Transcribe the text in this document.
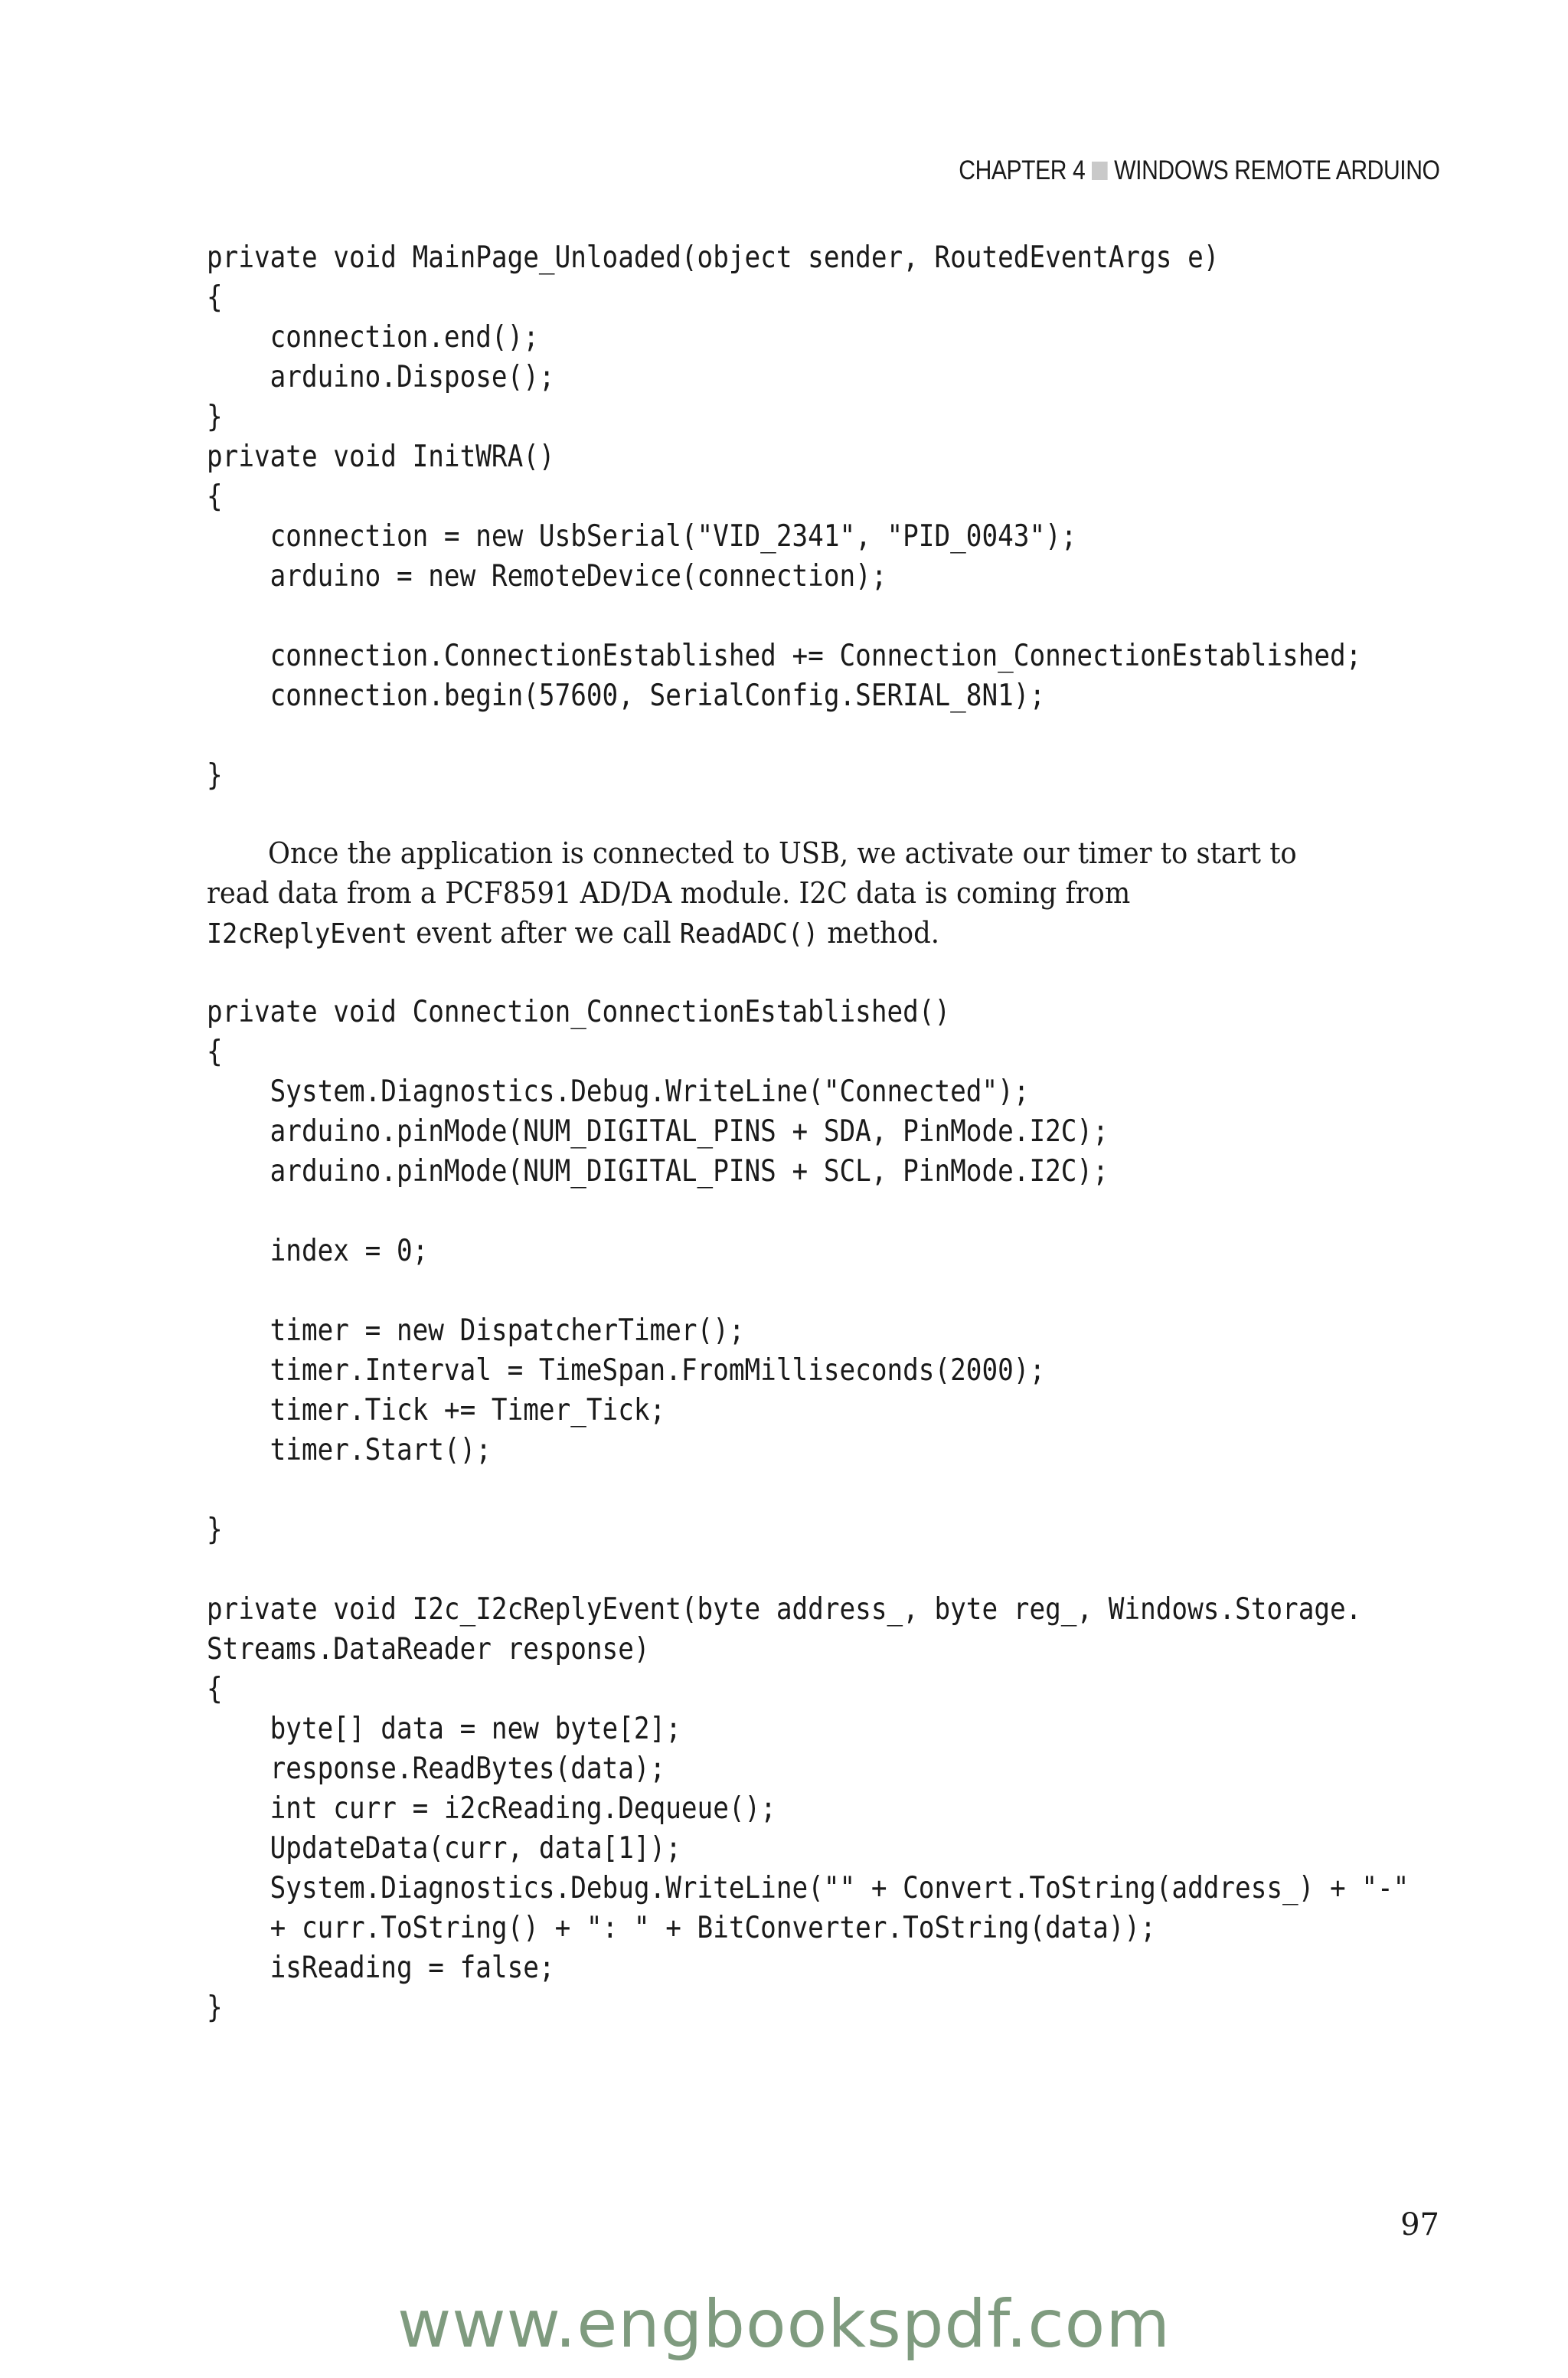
CHAPTER 4 WINDOWS REMOTE ARDUINO
private void MainPage_Unloaded(object sender, RoutedEventArgs e)
{
connection.end();
arduino.Dispose();
}
private void InitWRA()
{
connection = new UsbSerial("VID_2341", "PID_0043");
arduino = new RemoteDevice(connection);

connection.ConnectionEstablished += Connection_ConnectionEstablished;
connection.begin(57600, SerialConfig.SERIAL_8N1);

}
Once the application is connected to USB, we activate our timer to start to read data from a PCF8591 AD/DA module. I2C data is coming from I2cReplyEvent event after we call ReadADC() method.
private void Connection_ConnectionEstablished()
{
System.Diagnostics.Debug.WriteLine("Connected");
arduino.pinMode(NUM_DIGITAL_PINS + SDA, PinMode.I2C);
arduino.pinMode(NUM_DIGITAL_PINS + SCL, PinMode.I2C);

index = 0;

timer = new DispatcherTimer();
timer.Interval = TimeSpan.FromMilliseconds(2000);
timer.Tick += Timer_Tick;
timer.Start();

}

private void I2c_I2cReplyEvent(byte address_, byte reg_, Windows.Storage.
Streams.DataReader response)
{
byte[] data = new byte[2];
response.ReadBytes(data);
int curr = i2cReading.Dequeue();
UpdateData(curr, data[1]);
System.Diagnostics.Debug.WriteLine("" + Convert.ToString(address_) + "-"
+ curr.ToString() + ": " + BitConverter.ToString(data));
isReading = false;
}
97
www.engbookspdf.com
